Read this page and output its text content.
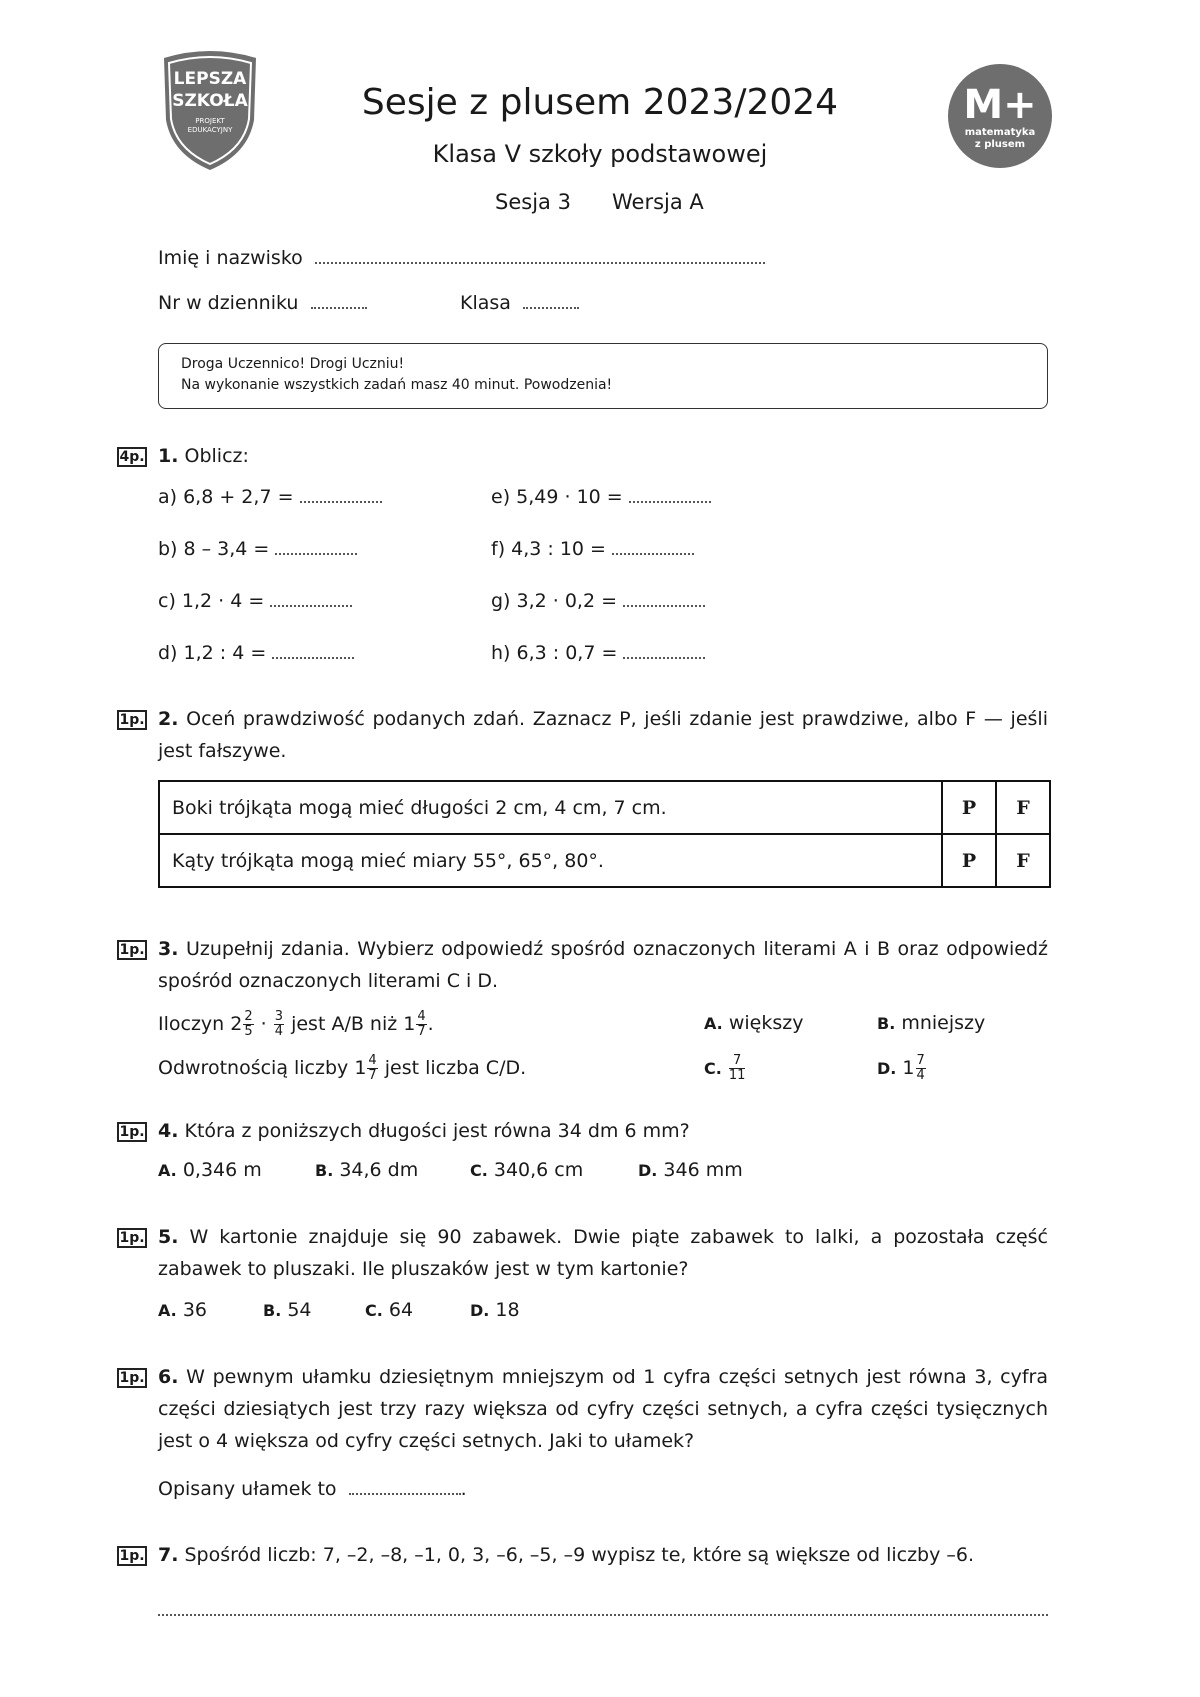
LEPSZA
SZKOŁA
PROJEKT
EDUKACYJNY
M+
matematyka
z plusem
Sesje z plusem 2023/2024
Klasa V szkoły podstawowej
Sesja 3 Wersja A
Imię i nazwisko
Nr w dzienniku	Klasa
Droga Uczennico! Drogi Uczniu!
Na wykonanie wszystkich zadań masz 40 minut. Powodzenia!
4p. 1. Oblicz:
a) 6,8 + 2,7 =
b) 8 – 3,4 =
c) 1,2 · 4 =
d) 1,2 : 4 =
e) 5,49 · 10 =
f) 4,3 : 10 =
g) 3,2 · 0,2 =
h) 6,3 : 0,7 =
1p. 2. Oceń prawdziwość podanych zdań. Zaznacz P, jeśli zdanie jest prawdziwe, albo F — jeśli jest fałszywe.
Boki trójkąta mogą mieć długości 2 cm, 4 cm, 7 cm.	P	F
Kąty trójkąta mogą mieć miary 55°, 65°, 80°.	P	F
1p. 3. Uzupełnij zdania. Wybierz odpowiedź spośród oznaczonych literami A i B oraz odpowiedź spośród oznaczonych literami C i D.
Iloczyn $2 \frac{2}{5} \cdot \frac{3}{4}$ jest A/B niż $1 \frac{4}{7}$ .
Odwrotnością liczby $1 \frac{4}{7}$ jest liczba C/D.
A. większy	B. mniejszy
C. $\frac{7}{11}$	D. $1 \frac{7}{4}$
1p. 4. Która z poniższych długości jest równa 34 dm 6 mm?
A. 0,346 m	B. 34,6 dm	C. 340,6 cm	D. 346 mm
1p. 5. W kartonie znajduje się 90 zabawek. Dwie piąte zabawek to lalki, a pozostała część zabawek to pluszaki. Ile pluszaków jest w tym kartonie?
A. 36	B. 54	C. 64	D. 18
1p. 6. W pewnym ułamku dziesiętnym mniejszym od 1 cyfra części setnych jest równa 3, cyfra części dziesiątych jest trzy razy większa od cyfry części setnych, a cyfra części tysięcznych jest o 4 większa od cyfry części setnych. Jaki to ułamek?
Opisany ułamek to	.
1p. 7. Spośród liczb: 7, –2, –8, –1, 0, 3, –6, –5, –9 wypisz te, które są większe od liczby –6.
